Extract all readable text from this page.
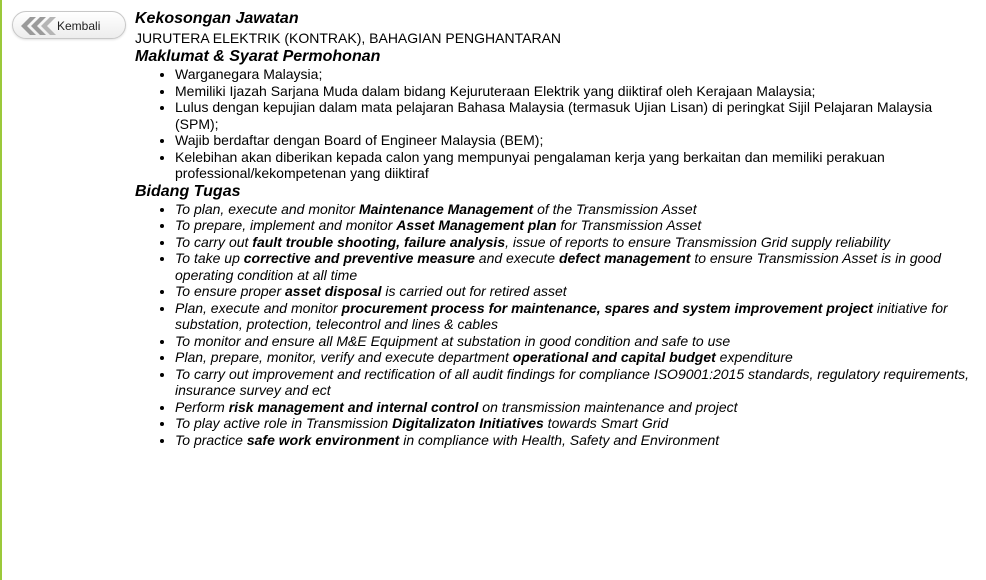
Kembali Kekosongan Jawatan
JURUTERA ELEKTRIK (KONTRAK), BAHAGIAN PENGHANTARAN
Maklumat & Syarat Permohonan
• Warganegara Malaysia;
• Memiliki Ijazah Sarjana Muda dalam bidang Kejuruteraan Elektrik yang diiktiraf oleh Kerajaan Malaysia;
• Lulus dengan kepujian dalam mata pelajaran Bahasa Malaysia (termasuk Ujian Lisan) di peringkat Sijil Pelajaran Malaysia (SPM);
• Wajib berdaftar dengan Board of Engineer Malaysia (BEM);
• Kelebihan akan diberikan kepada calon yang mempunyai pengalaman kerja yang berkaitan dan memiliki perakuan professional/kekompetenan yang diiktiraf
Bidang Tugas
• To plan, execute and monitor Maintenance Management of the Transmission Asset
• To prepare, implement and monitor Asset Management plan for Transmission Asset
• To carry out fault trouble shooting, failure analysis, issue of reports to ensure Transmission Grid supply reliability
• To take up corrective and preventive measure and execute defect management to ensure Transmission Asset is in good operating condition at all time
• To ensure proper asset disposal is carried out for retired asset
• Plan, execute and monitor procurement process for maintenance, spares and system improvement project initiative for substation, protection, telecontrol and lines & cables
• To monitor and ensure all M&E Equipment at substation in good condition and safe to use
• Plan, prepare, monitor, verify and execute department operational and capital budget expenditure
• To carry out improvement and rectification of all audit findings for compliance ISO9001:2015 standards, regulatory requirements, insurance survey and ect
• Perform risk management and internal control on transmission maintenance and project
• To play active role in Transmission Digitalizaton Initiatives towards Smart Grid
• To practice safe work environment in compliance with Health, Safety and Environment
